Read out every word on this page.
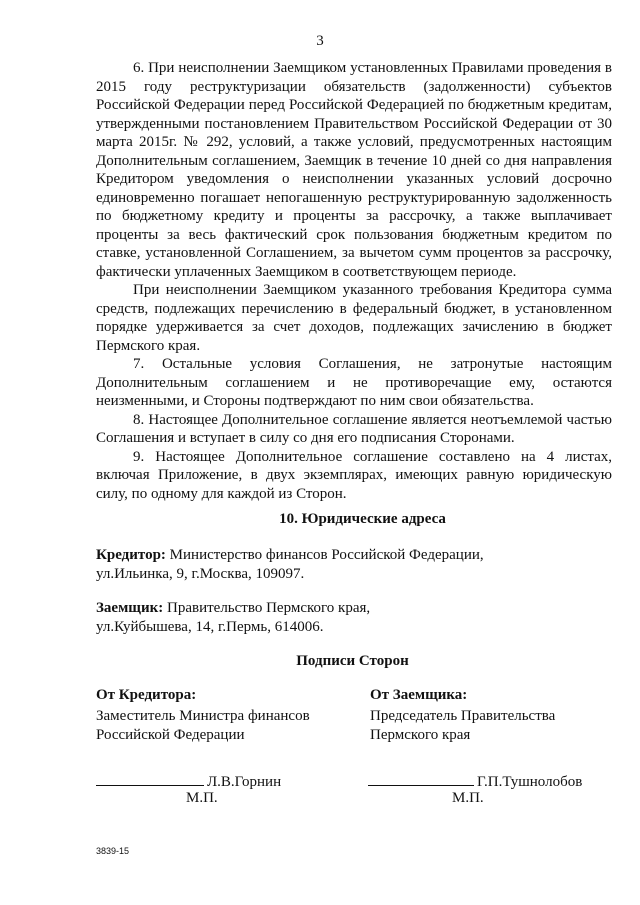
3

6. При неисполнении Заемщиком установленных Правилами проведения в 2015 году реструктуризации обязательств (задолженности) субъектов Российской Федерации перед Российской Федерацией по бюджетным кредитам, утвержденными постановлением Правительством Российской Федерации от 30 марта 2015г. № 292, условий, а также условий, предусмотренных настоящим Дополнительным соглашением, Заемщик в течение 10 дней со дня направления Кредитором уведомления о неисполнении указанных условий досрочно единовременно погашает непогашенную реструктурированную задолженность по бюджетному кредиту и проценты за рассрочку, а также выплачивает проценты за весь фактический срок пользования бюджетным кредитом по ставке, установленной Соглашением, за вычетом сумм процентов за рассрочку, фактически уплаченных Заемщиком в соответствующем периоде.

При неисполнении Заемщиком указанного требования Кредитора сумма средств, подлежащих перечислению в федеральный бюджет, в установленном порядке удерживается за счет доходов, подлежащих зачислению в бюджет Пермского края.

7. Остальные условия Соглашения, не затронутые настоящим Дополнительным соглашением и не противоречащие ему, остаются неизменными, и Стороны подтверждают по ним свои обязательства.

8. Настоящее Дополнительное соглашение является неотъемлемой частью Соглашения и вступает в силу со дня его подписания Сторонами.

9. Настоящее Дополнительное соглашение составлено на 4 листах, включая Приложение, в двух экземплярах, имеющих равную юридическую силу, по одному для каждой из Сторон.

10. Юридические адреса
Кредитор: Министерство финансов Российской Федерации,
ул.Ильинка, 9, г.Москва, 109097.
Заемщик: Правительство Пермского края,
ул.Куйбышева, 14, г.Пермь, 614006.
Подписи Сторон
От Кредитора:
Заместитель Министра финансов
Российской Федерации
От Заемщика:
Председатель Правительства
Пермского края
Л.В.Горнин
М.П.
Г.П.Тушнолобов
М.П.
3839-15
